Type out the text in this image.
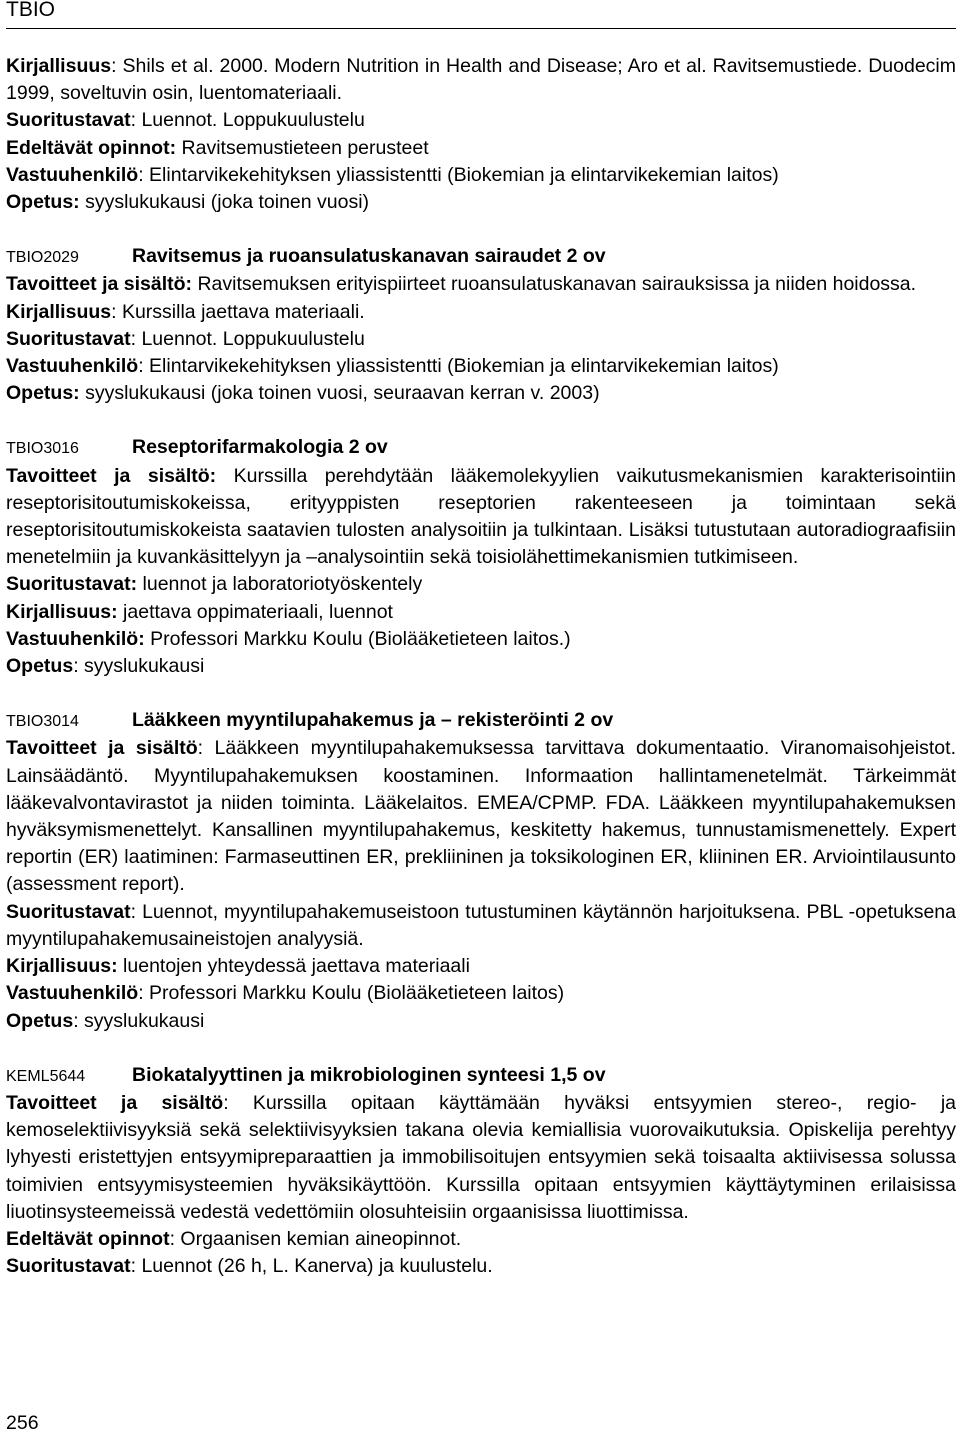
TBIO

Kirjallisuus: Shils et al. 2000. Modern Nutrition in Health and Disease; Aro et al. Ravitsemustiede. Duodecim 1999, soveltuvin osin, luentomateriaali.

Suoritustavat: Luennot. Loppukuulustelu

Edeltävät opinnot: Ravitsemustieteen perusteet

Vastuuhenkilö: Elintarvikekehityksen yliassistentti (Biokemian ja elintarvikekemian laitos)

Opetus: syyslukukausi (joka toinen vuosi)

TBIO2029	Ravitsemus ja ruoansulatuskanavan sairaudet 2 ov

Tavoitteet ja sisältö: Ravitsemuksen erityispiirteet ruoansulatuskanavan sairauksissa ja niiden hoidossa.

Kirjallisuus: Kurssilla jaettava materiaali.

Suoritustavat: Luennot. Loppukuulustelu

Vastuuhenkilö: Elintarvikekehityksen yliassistentti (Biokemian ja elintarvikekemian laitos)

Opetus: syyslukukausi (joka toinen vuosi, seuraavan kerran v. 2003)

TBIO3016	Reseptorifarmakologia 2 ov

Tavoitteet ja sisältö: Kurssilla perehdytään lääkemolekyylien vaikutusmekanismien karakterisointiin reseptorisitoutumiskokeissa, erityyppisten reseptorien rakenteeseen ja toimintaan sekä reseptorisitoutumiskokeista saatavien tulosten analysoitiin ja tulkintaan. Lisäksi tutustutaan autoradiograafisiin menetelmiin ja kuvankäsittelyyn ja –analysointiin sekä toisiolähettimekanismien tutkimiseen.

Suoritustavat: luennot ja laboratoriotyöskentely

Kirjallisuus: jaettava oppimateriaali, luennot

Vastuuhenkilö: Professori Markku Koulu (Biolääketieteen laitos.)

Opetus: syyslukukausi

TBIO3014	Lääkkeen myyntilupahakemus ja – rekisteröinti 2 ov

Tavoitteet ja sisältö: Lääkkeen myyntilupahakemuksessa tarvittava dokumentaatio. Viranomaisohjeistot. Lainsäädäntö. Myyntilupahakemuksen koostaminen. Informaation hallintamenetelmät. Tärkeimmät lääkevalvontavirastot ja niiden toiminta. Lääkelaitos. EMEA/CPMP. FDA. Lääkkeen myyntilupahakemuksen hyväksymismenettelyt. Kansallinen myyntilupahakemus, keskitetty hakemus, tunnustamismenettely. Expert reportin (ER) laatiminen: Farmaseuttinen ER, prekliininen ja toksikologinen ER, kliininen ER. Arviointilausunto (assessment report).

Suoritustavat: Luennot, myyntilupahakemuseistoon tutustuminen käytännön harjoituksena. PBL -opetuksena myyntilupahakemusaineistojen analyysiä.

Kirjallisuus: luentojen yhteydessä jaettava materiaali

Vastuuhenkilö: Professori Markku Koulu (Biolääketieteen laitos)

Opetus: syyslukukausi

KEML5644	Biokatalyyttinen ja mikrobiologinen synteesi 1,5 ov

Tavoitteet ja sisältö: Kurssilla opitaan käyttämään hyväksi entsyymien stereo-, regio- ja kemoselektiivisyyksiä sekä selektiivisyyksien takana olevia kemiallisia vuorovaikutuksia. Opiskelija perehtyy lyhyesti eristettyjen entsyymipreparaattien ja immobilisoitujen entsyymien sekä toisaalta aktiivisessa solussa toimivien entsyymisysteemien hyväksikäyttöön. Kurssilla opitaan entsyymien käyttäytyminen erilaisissa liuotinsysteemeissä vedestä vedettömiin olosuhteisiin orgaanisissa liuottimissa.

Edeltävät opinnot: Orgaanisen kemian aineopinnot.

Suoritustavat: Luennot (26 h, L. Kanerva) ja kuulustelu.

256
